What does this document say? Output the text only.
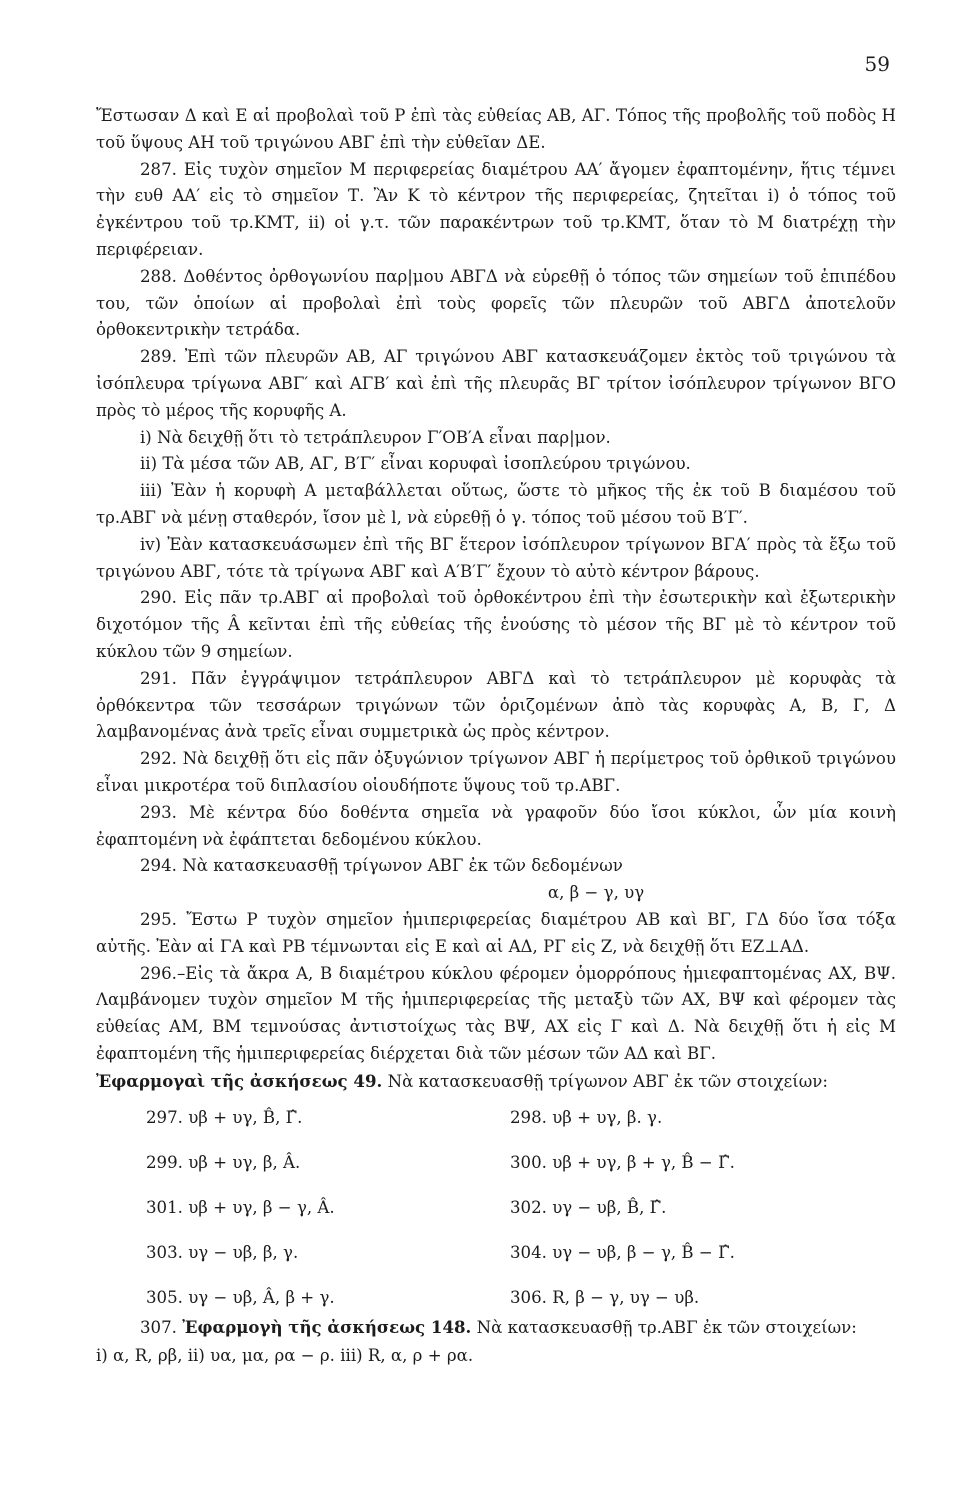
59

Ἔστωσαν Δ καὶ Ε αἱ προβολαὶ τοῦ Ρ ἐπὶ τὰς εὐθείας ΑΒ, ΑΓ. Τόπος τῆς προβολῆς τοῦ ποδὸς Η τοῦ ὕψους ΑΗ τοῦ τριγώνου ΑΒΓ ἐπὶ τὴν εὐθεῖαν ΔΕ.

287. Εἰς τυχὸν σημεῖον Μ περιφερείας διαμέτρου ΑΑ′ ἄγομεν ἐφαπτομένην, ἥτις τέμνει τὴν ευθ ΑΑ′ εἰς τὸ σημεῖον Τ. Ἂν Κ τὸ κέντρον τῆς περιφερείας, ζητεῖται i) ὁ τόπος τοῦ ἐγκέντρου τοῦ τρ.ΚΜΤ, ii) οἱ γ.τ. τῶν παρακέντρων τοῦ τρ.ΚΜΤ, ὅταν τὸ Μ διατρέχῃ τὴν περιφέρειαν.

288. Δοθέντος ὀρθογωνίου παρ|μου ΑΒΓΔ νὰ εὑρεθῇ ὁ τόπος τῶν σημείων τοῦ ἐπιπέδου του, τῶν ὁποίων αἱ προβολαὶ ἐπὶ τοὺς φορεῖς τῶν πλευρῶν τοῦ ΑΒΓΔ ἀποτελοῦν ὀρθοκεντρικὴν τετράδα.

289. Ἐπὶ τῶν πλευρῶν ΑΒ, ΑΓ τριγώνου ΑΒΓ κατασκευάζομεν ἐκτὸς τοῦ τριγώνου τὰ ἰσόπλευρα τρίγωνα ΑΒΓ′ καὶ ΑΓΒ′ καὶ ἐπὶ τῆς πλευρᾶς ΒΓ τρίτον ἰσόπλευρον τρίγωνον ΒΓΟ πρὸς τὸ μέρος τῆς κορυφῆς Α.

i) Νὰ δειχθῇ ὅτι τὸ τετράπλευρον Γ′ΟΒ′Α εἶναι παρ|μον.

ii) Τὰ μέσα τῶν ΑΒ, ΑΓ, Β′Γ′ εἶναι κορυφαὶ ἰσοπλεύρου τριγώνου.

iii) Ἐὰν ἡ κορυφὴ Α μεταβάλλεται οὕτως, ὥστε τὸ μῆκος τῆς ἐκ τοῦ Β διαμέσου τοῦ τρ.ΑΒΓ νὰ μένῃ σταθερόν, ἴσον μὲ l, νὰ εὑρεθῇ ὁ γ. τόπος τοῦ μέσου τοῦ Β′Γ′.

iv) Ἐὰν κατασκευάσωμεν ἐπὶ τῆς ΒΓ ἕτερον ἰσόπλευρον τρίγωνον ΒΓΑ′ πρὸς τὰ ἔξω τοῦ τριγώνου ΑΒΓ, τότε τὰ τρίγωνα ΑΒΓ καὶ Α′Β′Γ′ ἔχουν τὸ αὐτὸ κέντρον βάρους.

290. Εἰς πᾶν τρ.ΑΒΓ αἱ προβολαὶ τοῦ ὀρθοκέντρου ἐπὶ τὴν ἐσωτερικὴν καὶ ἐξωτερικὴν διχοτόμον τῆς Â κεῖνται ἐπὶ τῆς εὐθείας τῆς ἑνούσης τὸ μέσον τῆς ΒΓ μὲ τὸ κέντρον τοῦ κύκλου τῶν 9 σημείων.

291. Πᾶν ἐγγράψιμον τετράπλευρον ΑΒΓΔ καὶ τὸ τετράπλευρον μὲ κορυφὰς τὰ ὀρθόκεντρα τῶν τεσσάρων τριγώνων τῶν ὁριζομένων ἀπὸ τὰς κορυφὰς Α, Β, Γ, Δ λαμβανομένας ἀνὰ τρεῖς εἶναι συμμετρικὰ ὡς πρὸς κέντρον.

292. Νὰ δειχθῇ ὅτι εἰς πᾶν ὀξυγώνιον τρίγωνον ΑΒΓ ἡ περίμετρος τοῦ ὀρθικοῦ τριγώνου εἶναι μικροτέρα τοῦ διπλασίου οἱουδήποτε ὕψους τοῦ τρ.ΑΒΓ.

293. Μὲ κέντρα δύο δοθέντα σημεῖα νὰ γραφοῦν δύο ἴσοι κύκλοι, ὧν μία κοινὴ ἐφαπτομένη νὰ ἐφάπτεται δεδομένου κύκλου.

294. Νὰ κατασκευασθῇ τρίγωνον ΑΒΓ ἐκ τῶν δεδομένων

α, β − γ, υγ

295. Ἔστω Ρ τυχὸν σημεῖον ἡμιπεριφερείας διαμέτρου ΑΒ καὶ ΒΓ, ΓΔ δύο ἴσα τόξα αὐτῆς. Ἐὰν αἱ ΓΑ καὶ ΡΒ τέμνωνται εἰς Ε καὶ αἱ ΑΔ, ΡΓ εἰς Ζ, νὰ δειχθῇ ὅτι ΕΖ⊥ΑΔ.

296.–Εἰς τὰ ἄκρα Α, Β διαμέτρου κύκλου φέρομεν ὁμορρόπους ἡμιεφαπτομένας ΑΧ, ΒΨ. Λαμβάνομεν τυχὸν σημεῖον Μ τῆς ἡμιπεριφερείας τῆς μεταξὺ τῶν ΑΧ, ΒΨ καὶ φέρομεν τὰς εὐθείας ΑΜ, ΒΜ τεμνούσας ἀντιστοίχως τὰς ΒΨ, ΑΧ εἰς Γ καὶ Δ. Νὰ δειχθῇ ὅτι ἡ εἰς Μ ἐφαπτομένη τῆς ἡμιπεριφερείας διέρχεται διὰ τῶν μέσων τῶν ΑΔ καὶ ΒΓ.

Ἐφαρμογαὶ τῆς ἀσκήσεως 49. Νὰ κατασκευασθῇ τρίγωνον ΑΒΓ ἐκ τῶν στοιχείων:

297. υβ + υγ, B̂, Γ̂.	298. υβ + υγ, β. γ.
299. υβ + υγ, β, Â.	300. υβ + υγ, β + γ, B̂ − Γ̂.
301. υβ + υγ, β − γ, Â.	302. υγ − υβ, B̂, Γ̂.
303. υγ − υβ, β, γ.	304. υγ − υβ, β − γ, B̂ − Γ̂.
305. υγ − υβ, Â, β + γ.	306. R, β − γ, υγ − υβ.

307. Ἐφαρμογὴ τῆς ἀσκήσεως 148. Νὰ κατασκευασθῇ τρ.ΑΒΓ ἐκ τῶν στοιχείων:

i) α, R, ρβ, ii) υα, μα, ρα − ρ. iii) R, α, ρ + ρα.
